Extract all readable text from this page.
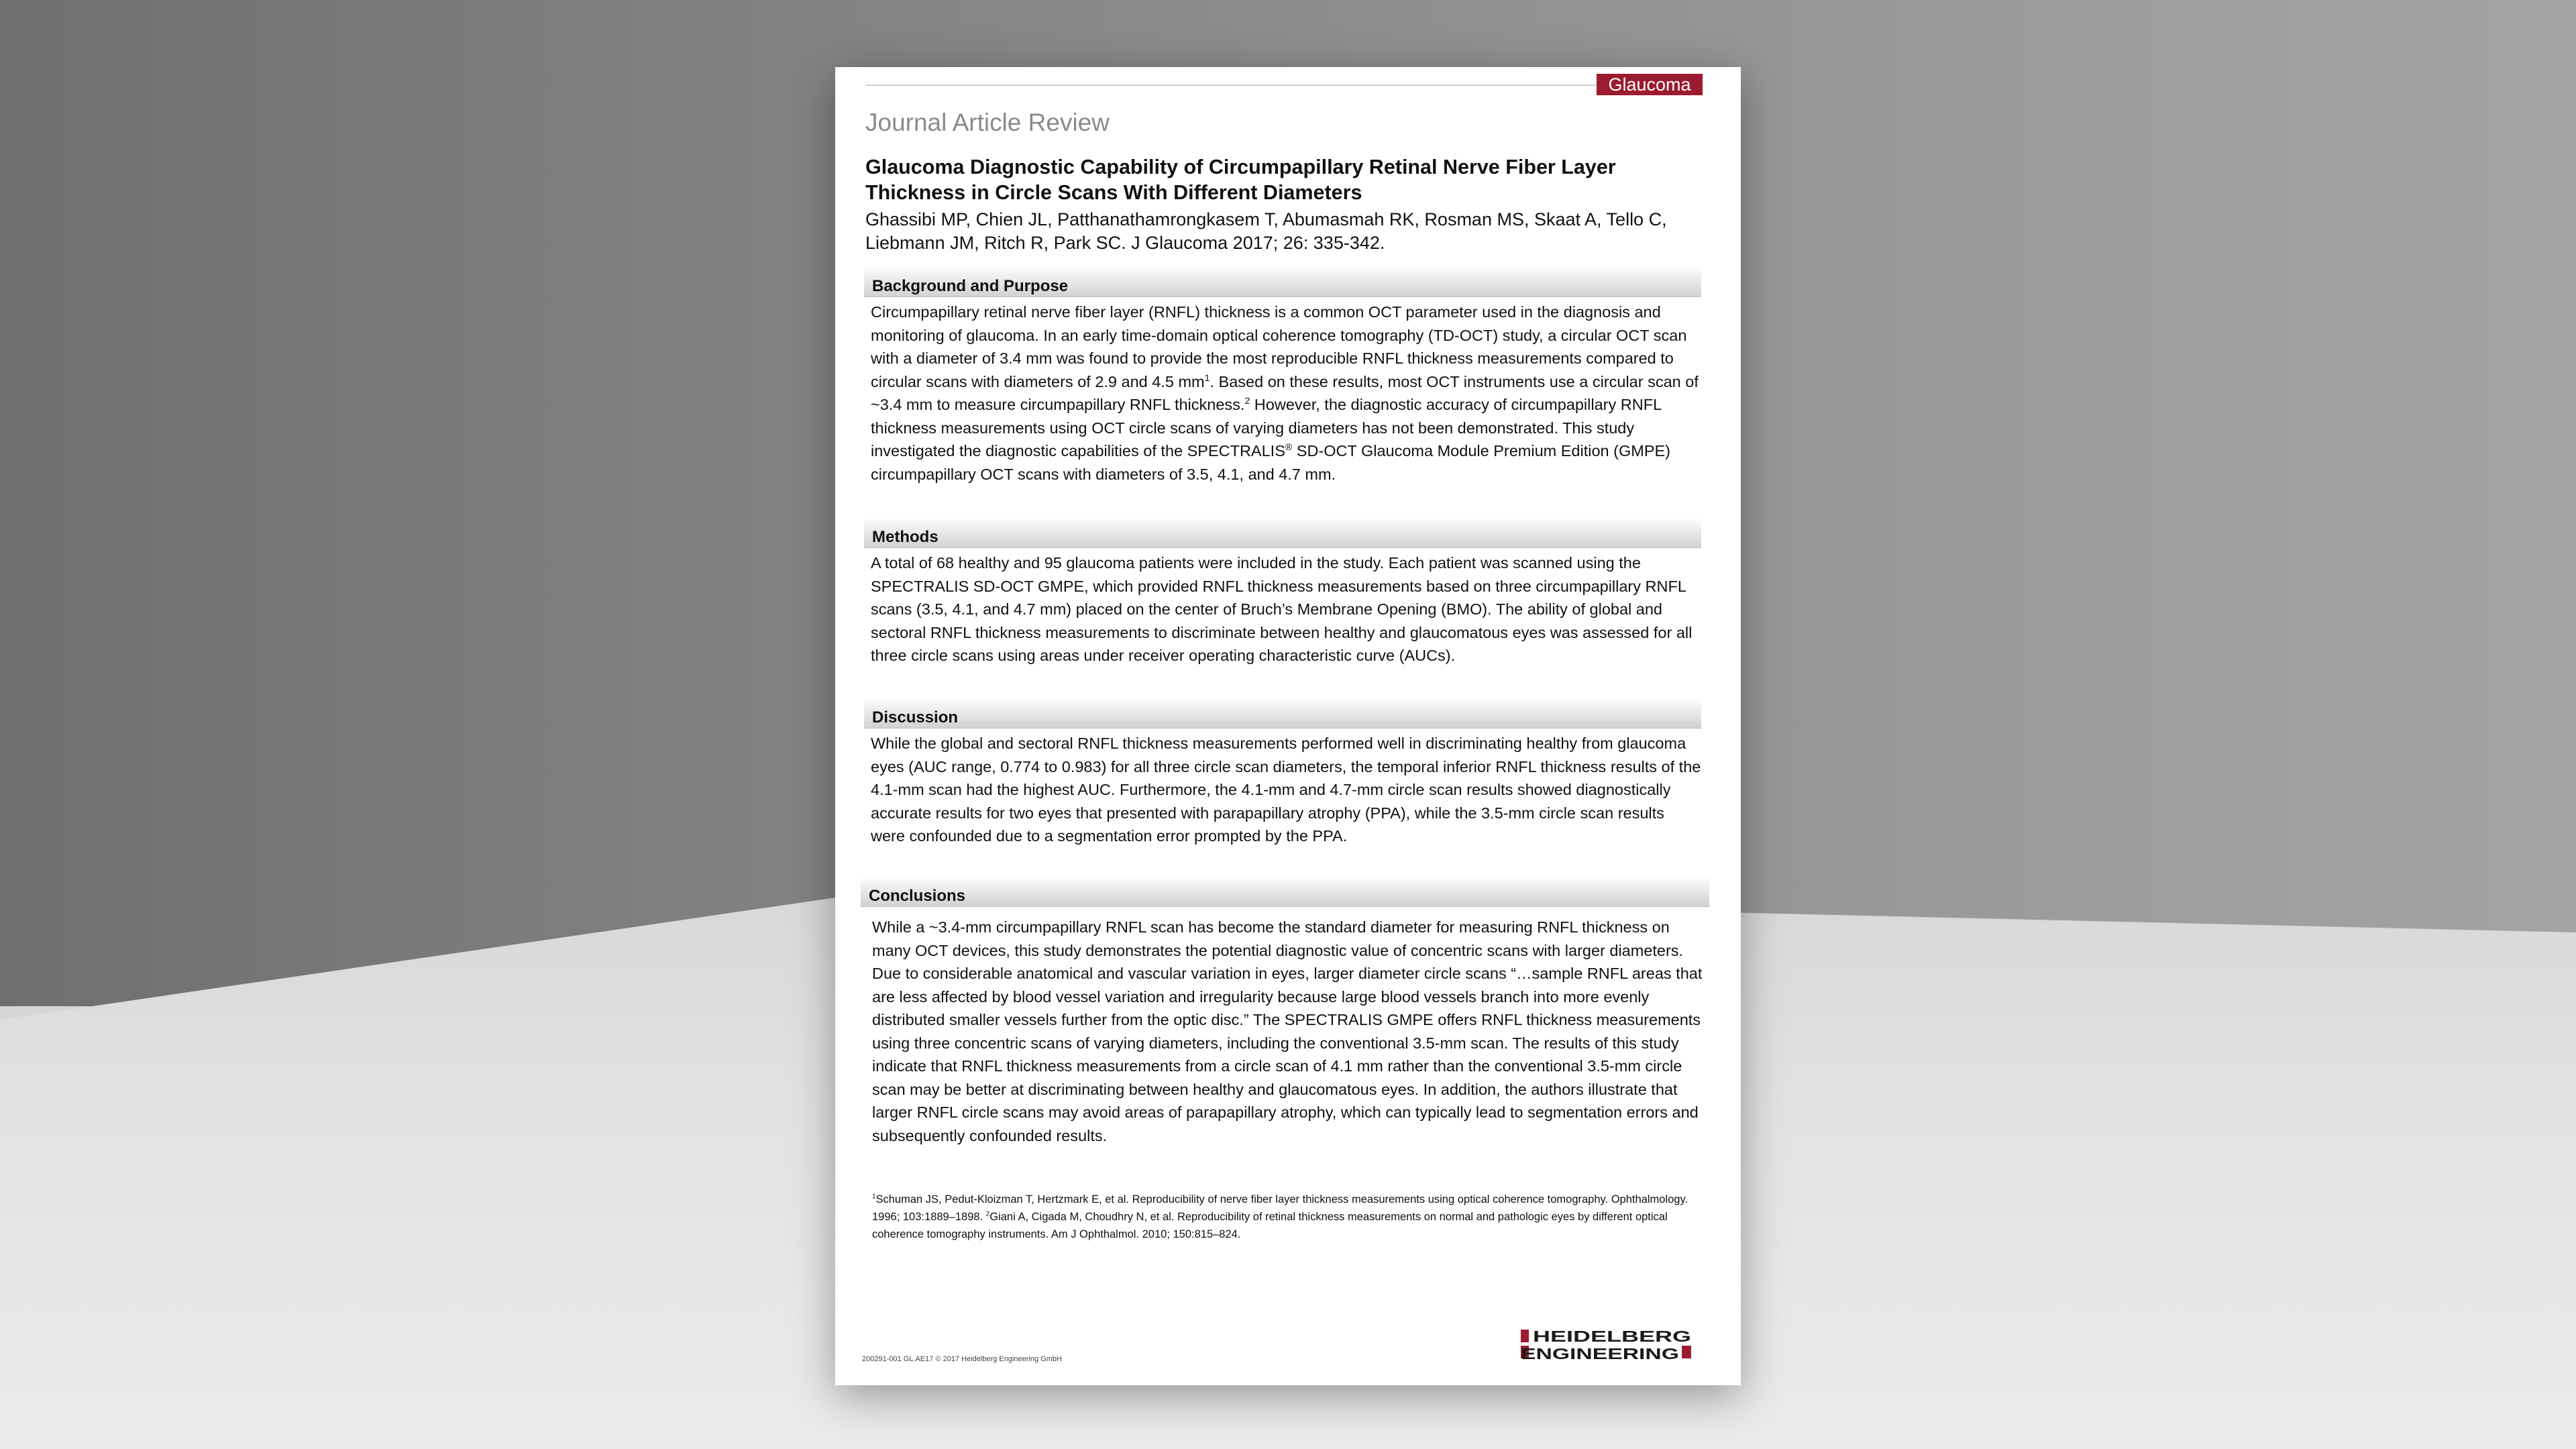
Glaucoma
Journal Article Review
Glaucoma Diagnostic Capability of Circumpapillary Retinal Nerve Fiber Layer Thickness in Circle Scans With Different Diameters

Ghassibi MP, Chien JL, Patthanathamrongkasem T, Abumasmah RK, Rosman MS, Skaat A, Tello C, Liebmann JM, Ritch R, Park SC. J Glaucoma 2017; 26: 335-342.

Background and Purpose

Circumpapillary retinal nerve fiber layer (RNFL) thickness is a common OCT parameter used in the diagnosis and monitoring of glaucoma. In an early time-domain optical coherence tomography (TD-OCT) study, a circular OCT scan with a diameter of 3.4 mm was found to provide the most reproducible RNFL thickness measurements compared to circular scans with diameters of 2.9 and 4.5 $mm^1$. Based on these results, most OCT instruments use a circular scan of ~3.4 mm to measure circumpapillary RNFL thickness.$^2$ However, the diagnostic accuracy of circumpapillary RNFL thickness measurements using OCT circle scans of varying diameters has not been demonstrated. This study investigated the diagnostic capabilities of the SPECTRALIS® SD-OCT Glaucoma Module Premium Edition (GMPE) circumpapillary OCT scans with diameters of 3.5, 4.1, and 4.7 mm.

Methods

A total of 68 healthy and 95 glaucoma patients were included in the study. Each patient was scanned using the SPECTRALIS SD-OCT GMPE, which provided RNFL thickness measurements based on three circumpapillary RNFL scans (3.5, 4.1, and 4.7 mm) placed on the center of Bruch’s Membrane Opening (BMO). The ability of global and sectoral RNFL thickness measurements to discriminate between healthy and glaucomatous eyes was assessed for all three circle scans using areas under receiver operating characteristic curve (AUCs).

Discussion

While the global and sectoral RNFL thickness measurements performed well in discriminating healthy from glaucoma eyes (AUC range, 0.774 to 0.983) for all three circle scan diameters, the temporal inferior RNFL thickness results of the 4.1-mm scan had the highest AUC. Furthermore, the 4.1-mm and 4.7-mm circle scan results showed diagnostically accurate results for two eyes that presented with parapapillary atrophy (PPA), while the 3.5-mm circle scan results were confounded due to a segmentation error prompted by the PPA.

Conclusions

While a ~3.4-mm circumpapillary RNFL scan has become the standard diameter for measuring RNFL thickness on many OCT devices, this study demonstrates the potential diagnostic value of concentric scans with larger diameters. Due to considerable anatomical and vascular variation in eyes, larger diameter circle scans “…sample RNFL areas that are less affected by blood vessel variation and irregularity because large blood vessels branch into more evenly distributed smaller vessels further from the optic disc.” The SPECTRALIS GMPE offers RNFL thickness measurements using three concentric scans of varying diameters, including the conventional 3.5-mm scan. The results of this study indicate that RNFL thickness measurements from a circle scan of 4.1 mm rather than the conventional 3.5-mm circle scan may be better at discriminating between healthy and glaucomatous eyes. In addition, the authors illustrate that larger RNFL circle scans may avoid areas of parapapillary atrophy, which can typically lead to segmentation errors and subsequently confounded results.

$^1$Schuman JS, Pedut-Kloizman T, Hertzmark E, et al. Reproducibility of nerve fiber layer thickness measurements using optical coherence tomography. Ophthalmology. 1996; 103:1889–1898. $^2$Giani A, Cigada M, Choudhry N, et al. Reproducibility of retinal thickness measurements on normal and pathologic eyes by different optical coherence tomography instruments. Am J Ophthalmol. 2010; 150:815–824.

200291-001 GL.AE17 © 2017 Heidelberg Engineering GmbH
HEIDELBERG
ENGINEERING
